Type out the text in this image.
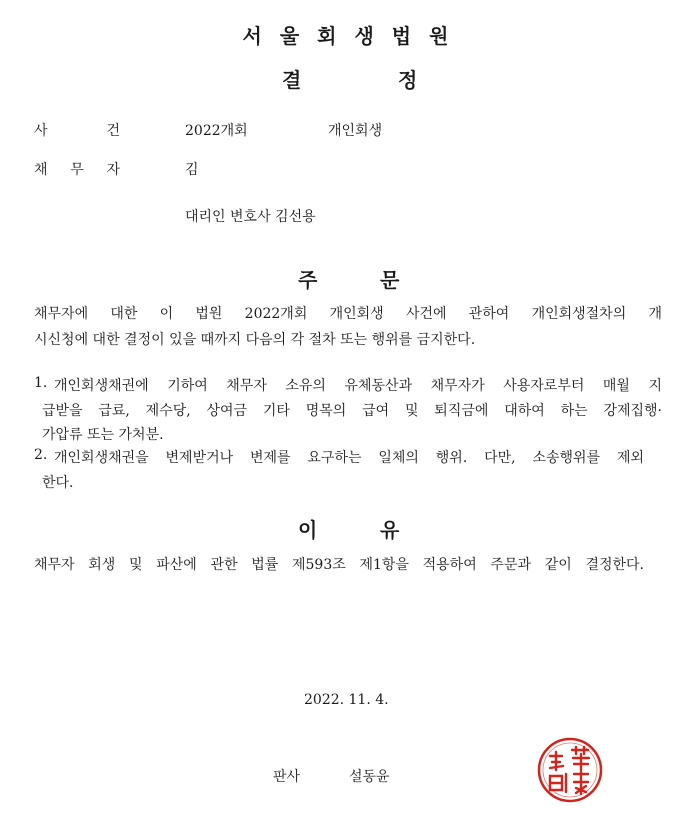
서울회생법원
결	정
사 건	2022개회	개인회생
채 무 자	김
대리인 변호사 김선용
주	문
채무자에 대한 이 법원 2022개회 개인회생 사건에 관하여 개인회생절차의 개
시신청에 대한 결정이 있을 때까지 다음의 각 절차 또는 행위를 금지한다.
1. 개인회생채권에 기하여 채무자 소유의 유체동산과 채무자가 사용자로부터 매월 지
급받을 급료, 제수당, 상여금 기타 명목의 급여 및 퇴직금에 대하여 하는 강제집행·
가압류 또는 가처분.
2. 개인회생채권을 변제받거나 변제를 요구하는 일체의 행위. 다만, 소송행위를 제외
한다.
이	유
채무자 회생 및 파산에 관한 법률 제593조 제1항을 적용하여 주문과 같이 결정한다.
2022. 11. 4.
판사	설동윤
